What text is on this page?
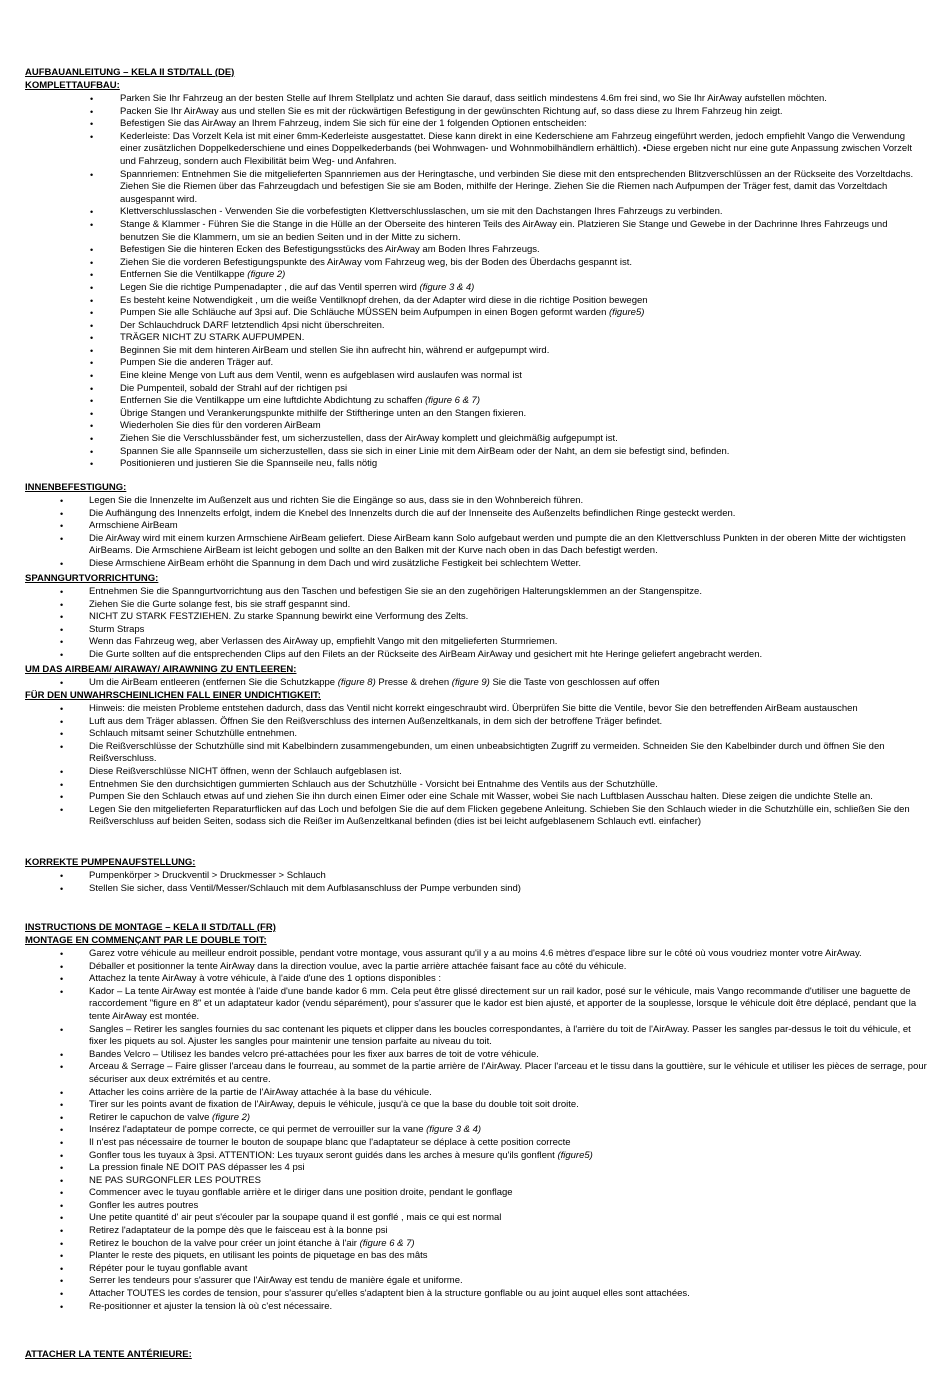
AUFBAUANLEITUNG – KELA II STD/TALL (DE)
KOMPLETTAUFBAU:
• Parken Sie Ihr Fahrzeug an der besten Stelle auf Ihrem Stellplatz und achten Sie darauf, dass seitlich mindestens 4.6m frei sind, wo Sie Ihr AirAway aufstellen möchten.
• Packen Sie Ihr AirAway aus und stellen Sie es mit der rückwärtigen Befestigung in der gewünschten Richtung auf, so dass diese zu Ihrem Fahrzeug hin zeigt.
• Befestigen Sie das AirAway an Ihrem Fahrzeug, indem Sie sich für eine der 1 folgenden Optionen entscheiden:
• Kederleiste: Das Vorzelt Kela ist mit einer 6mm-Kederleiste ausgestattet. Diese kann direkt in eine Kederschiene am Fahrzeug eingeführt werden, jedoch empfiehlt Vango die Verwendung einer zusätzlichen Doppelkederschiene und eines Doppelkederbands (bei Wohnwagen- und Wohnmobilhändlern erhältlich). •Diese ergeben nicht nur eine gute Anpassung zwischen Vorzelt und Fahrzeug, sondern auch Flexibilität beim Weg- und Anfahren.
• Spannriemen: Entnehmen Sie die mitgelieferten Spannriemen aus der Heringtasche, und verbinden Sie diese mit den entsprechenden Blitzverschlüssen an der Rückseite des Vorzeltdachs. Ziehen Sie die Riemen über das Fahrzeugdach und befestigen Sie sie am Boden, mithilfe der Heringe. Ziehen Sie die Riemen nach Aufpumpen der Träger fest, damit das Vorzeltdach ausgespannt wird.
• Klettverschlusslaschen - Verwenden Sie die vorbefestigten Klettverschlusslaschen, um sie mit den Dachstangen Ihres Fahrzeugs zu verbinden.
• Stange & Klammer - Führen Sie die Stange in die Hülle an der Oberseite des hinteren Teils des AirAway ein. Platzieren Sie Stange und Gewebe in der Dachrinne Ihres Fahrzeugs und benutzen Sie die Klammern, um sie an bedien Seiten und in der Mitte zu sichern.
• Befestigen Sie die hinteren Ecken des Befestigungsstücks des AirAway am Boden Ihres Fahrzeugs.
• Ziehen Sie die vorderen Befestigungspunkte des AirAway vom Fahrzeug weg, bis der Boden des Überdachs gespannt ist.
• Entfernen Sie die Ventilkappe (figure 2)
• Legen Sie die richtige Pumpenadapter , die auf das Ventil sperren wird (figure 3 & 4)
• Es besteht keine Notwendigkeit , um die weiße Ventilknopf drehen, da der Adapter wird diese in die richtige Position bewegen
• Pumpen Sie alle Schläuche auf 3psi auf. Die Schläuche MÜSSEN beim Aufpumpen in einen Bogen geformt warden (figure5)
• Der Schlauchdruck DARF letztendlich 4psi nicht überschreiten.
• TRÄGER NICHT ZU STARK AUFPUMPEN.
• Beginnen Sie mit dem hinteren AirBeam und stellen Sie ihn aufrecht hin, während er aufgepumpt wird.
• Pumpen Sie die anderen Träger auf.
• Eine kleine Menge von Luft aus dem Ventil, wenn es aufgeblasen wird auslaufen was normal ist
• Die Pumpenteil, sobald der Strahl auf der richtigen psi
• Entfernen Sie die Ventilkappe um eine luftdichte Abdichtung zu schaffen (figure 6 & 7)
• Übrige Stangen und Verankerungspunkte mithilfe der Stiftheringe unten an den Stangen fixieren.
• Wiederholen Sie dies für den vorderen AirBeam
• Ziehen Sie die Verschlussbänder fest, um sicherzustellen, dass der AirAway komplett und gleichmäßig aufgepumpt ist.
• Spannen Sie alle Spannseile um sicherzustellen, dass sie sich in einer Linie mit dem AirBeam oder der Naht, an dem sie befestigt sind, befinden.
• Positionieren und justieren Sie die Spannseile neu, falls nötig
INNENBEFESTIGUNG:
• Legen Sie die Innenzelte im Außenzelt aus und richten Sie die Eingänge so aus, dass sie in den Wohnbereich führen.
• Die Aufhängung des Innenzelts erfolgt, indem die Knebel des Innenzelts durch die auf der Innenseite des Außenzelts befindlichen Ringe gesteckt werden.
• Armschiene AirBeam
• Die AirAway wird mit einem kurzen Armschiene AirBeam geliefert. Diese AirBeam kann Solo aufgebaut werden und pumpte die an den Klettverschluss Punkten in der oberen Mitte der wichtigsten AirBeams. Die Armschiene AirBeam ist leicht gebogen und sollte an den Balken mit der Kurve nach oben in das Dach befestigt werden.
• Diese Armschiene AirBeam erhöht die Spannung in dem Dach und wird zusätzliche Festigkeit bei schlechtem Wetter.
SPANNGURTVORRICHTUNG:
• Entnehmen Sie die Spanngurtvorrichtung aus den Taschen und befestigen Sie sie an den zugehörigen Halterungsklemmen an der Stangenspitze.
• Ziehen Sie die Gurte solange fest, bis sie straff gespannt sind.
• NICHT ZU STARK FESTZIEHEN. Zu starke Spannung bewirkt eine Verformung des Zelts.
• Sturm Straps
• Wenn das Fahrzeug weg, aber Verlassen des AirAway up, empfiehlt Vango mit den mitgelieferten Sturmriemen.
• Die Gurte sollten auf die entsprechenden Clips auf den Filets an der Rückseite des AirBeam AirAway und gesichert mit hte Heringe geliefert angebracht werden.
UM DAS AIRBEAM/ AIRAWAY/ AIRAWNING ZU ENTLEEREN:
• Um die AirBeam entleeren (entfernen Sie die Schutzkappe (figure 8) Presse & drehen (figure 9) Sie die Taste von geschlossen auf offen
FÜR DEN UNWAHRSCHEINLICHEN FALL EINER UNDICHTIGKEIT:
• Hinweis: die meisten Probleme entstehen dadurch, dass das Ventil nicht korrekt eingeschraubt wird. Überprüfen Sie bitte die Ventile, bevor Sie den betreffenden AirBeam austauschen
• Luft aus dem Träger ablassen. Öffnen Sie den Reißverschluss des internen Außenzeltkanals, in dem sich der betroffene Träger befindet.
• Schlauch mitsamt seiner Schutzhülle entnehmen.
• Die Reißverschlüsse der Schutzhülle sind mit Kabelbindern zusammengebunden, um einen unbeabsichtigten Zugriff zu vermeiden. Schneiden Sie den Kabelbinder durch und öffnen Sie den Reißverschluss.
• Diese Reißverschlüsse NICHT öffnen, wenn der Schlauch aufgeblasen ist.
• Entnehmen Sie den durchsichtigen gummierten Schlauch aus der Schutzhülle - Vorsicht bei Entnahme des Ventils aus der Schutzhülle.
• Pumpen Sie den Schlauch etwas auf und ziehen Sie ihn durch einen Eimer oder eine Schale mit Wasser, wobei Sie nach Luftblasen Ausschau halten. Diese zeigen die undichte Stelle an.
• Legen Sie den mitgelieferten Reparaturflicken auf das Loch und befolgen Sie die auf dem Flicken gegebene Anleitung. Schieben Sie den Schlauch wieder in die Schutzhülle ein, schließen Sie den Reißverschluss auf beiden Seiten, sodass sich die Reißer im Außenzeltkanal befinden (dies ist bei leicht aufgeblasenem Schlauch evtl. einfacher)
KORREKTE PUMPENAUFSTELLUNG:
• Pumpenkörper > Druckventil > Druckmesser > Schlauch
• Stellen Sie sicher, dass Ventil/Messer/Schlauch mit dem Aufblasanschluss der Pumpe verbunden sind)
INSTRUCTIONS DE MONTAGE – KELA II STD/TALL (FR)
MONTAGE EN COMMENÇANT PAR LE DOUBLE TOIT:
• Garez votre véhicule au meilleur endroit possible, pendant votre montage, vous assurant qu'il y a au moins 4.6 mètres d'espace libre sur le côté où vous voudriez monter votre AirAway.
• Déballer et positionner la tente AirAway dans la direction voulue, avec la partie arrière attachée faisant face au côté du véhicule.
• Attachez la tente AirAway à votre véhicule, à l'aide d'une des 1 options disponibles :
• Kador – La tente AirAway est montée à l'aide d'une bande kador 6 mm. Cela peut être glissé directement sur un rail kador, posé sur le véhicule, mais Vango recommande d'utiliser une baguette de raccordement "figure en 8" et un adaptateur kador (vendu séparément), pour s'assurer que le kador est bien ajusté, et apporter de la souplesse, lorsque le véhicule doit être déplacé, pendant que la tente AirAway est montée.
• Sangles – Retirer les sangles fournies du sac contenant les piquets et clipper dans les boucles correspondantes, à l'arrière du toit de l'AirAway. Passer les sangles par-dessus le toit du véhicule, et fixer les piquets au sol. Ajuster les sangles pour maintenir une tension parfaite au niveau du toit.
• Bandes Velcro – Utilisez les bandes velcro pré-attachées pour les fixer aux barres de toit de votre véhicule.
• Arceau & Serrage – Faire glisser l'arceau dans le fourreau, au sommet de la partie arrière de l'AirAway. Placer l'arceau et le tissu dans la gouttière, sur le véhicule et utiliser les pièces de serrage, pour sécuriser aux deux extrémités et au centre.
• Attacher les coins arrière de la partie de l'AirAway attachée à la base du véhicule.
• Tirer sur les points avant de fixation de l'AirAway, depuis le véhicule, jusqu'à ce que la base du double toit soit droite.
• Retirer le capuchon de valve (figure 2)
• Insérez l'adaptateur de pompe correcte, ce qui permet de verrouiller sur la vane (figure 3 & 4)
• Il n'est pas nécessaire de tourner le bouton de soupape blanc que l'adaptateur se déplace à cette position correcte
• Gonfler tous les tuyaux à 3psi. ATTENTION: Les tuyaux seront guidés dans les arches à mesure qu'ils gonflent (figure5)
• La pression finale NE DOIT PAS dépasser les 4 psi
• NE PAS SURGONFLER LES POUTRES
• Commencer avec le tuyau gonflable arrière et le diriger dans une position droite, pendant le gonflage
• Gonfler les autres poutres
• Une petite quantité d' air peut s'écouler par la soupape quand il est gonflé , mais ce qui est normal
• Retirez l'adaptateur de la pompe dès que le faisceau est à la bonne psi
• Retirez le bouchon de la valve pour créer un joint étanche à l'air (figure 6 & 7)
• Planter le reste des piquets, en utilisant les points de piquetage en bas des mâts
• Répéter pour le tuyau gonflable avant
• Serrer les tendeurs pour s'assurer que l'AirAway est tendu de manière égale et uniforme.
• Attacher TOUTES les cordes de tension, pour s'assurer qu'elles s'adaptent bien à la structure gonflable ou au joint auquel elles sont attachées.
• Re-positionner et ajuster la tension là où c'est nécessaire.
ATTACHER LA TENTE ANTÉRIEURE:
